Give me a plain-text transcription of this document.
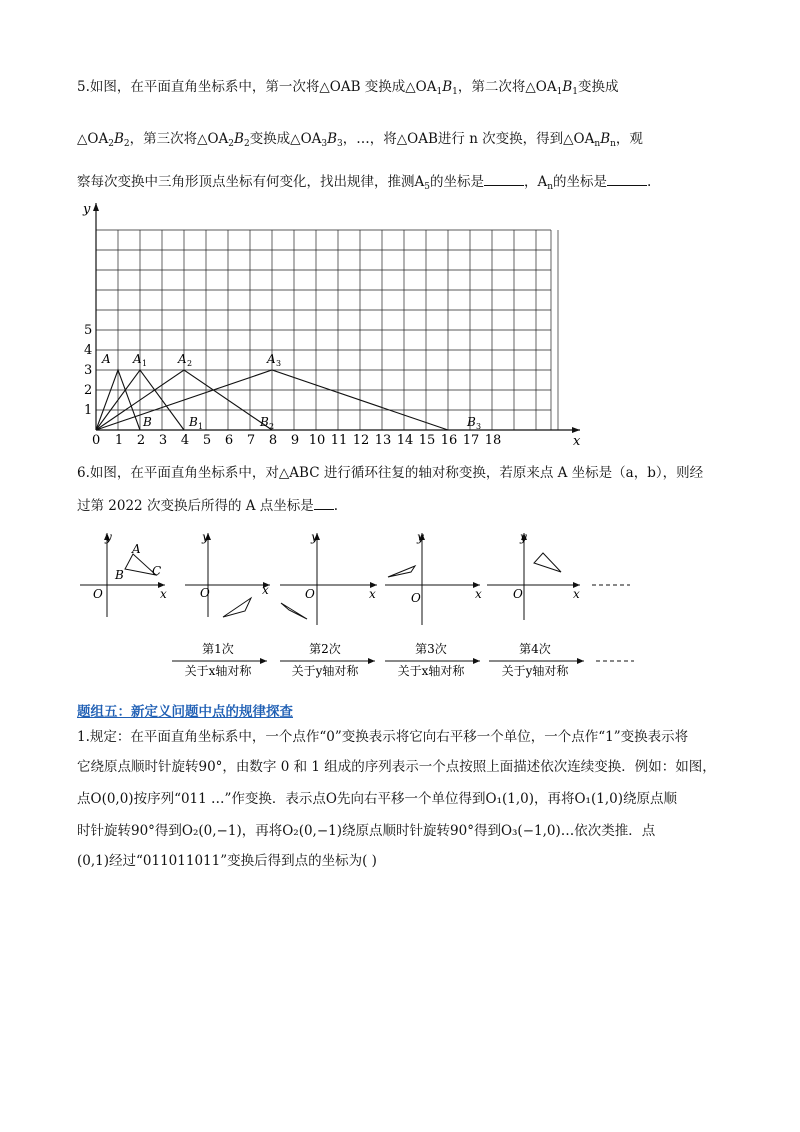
5.如图，在平面直角坐标系中，第一次将△OAB 变换成$\triangle OA_1B_1$，第二次将$\triangle OA_1B_1$变换成
$\triangle OA_2B_2$，第三次将$\triangle OA_2B_2$变换成$\triangle OA_3B_3$，…，将△OAB进行 n 次变换，得到$\triangle OA_nB_n$，观
察每次变换中三角形顶点坐标有何变化，找出规律，推测$A_5$的坐标是	，$A_n$的坐标是	.
y
x
0
1
2
3
4
5
1 2 3 4 5 6 7 8 9 10 11 12 13 14 15 16 17 18
A A 1	A 2	A 3
B	B 1	B 2	B 3
6.如图，在平面直角坐标系中，对△ABC 进行循环往复的轴对称变换，若原来点 A 坐标是（a，b），则经
过第 2022 次变换后所得的 A 点坐标是 .
y
x
O
A
B C
y
x
O
y
x
O
y
x
O
y
x
O
第1次
关于x轴对称
第2次
关于y轴对称
第3次
关于x轴对称
第4次
关于y轴对称
题组五：新定义问题中点的规律探查
1.规定：在平面直角坐标系中，一个点作“0”变换表示将它向右平移一个单位，一个点作“1”变换表示将
它绕原点顺时针旋转90°，由数字 0 和 1 组成的序列表示一个点按照上面描述依次连续变换．例如：如图，
点O(0,0)按序列“011 …”作变换．表示点O先向右平移一个单位得到O₁(1,0)，再将O₁(1,0)绕原点顺
时针旋转90°得到O₂(0,−1)，再将O₂(0,−1)绕原点顺时针旋转90°得到O₃(−1,0)…依次类推．点
(0,1)经过“011011011”变换后得到点的坐标为( )
